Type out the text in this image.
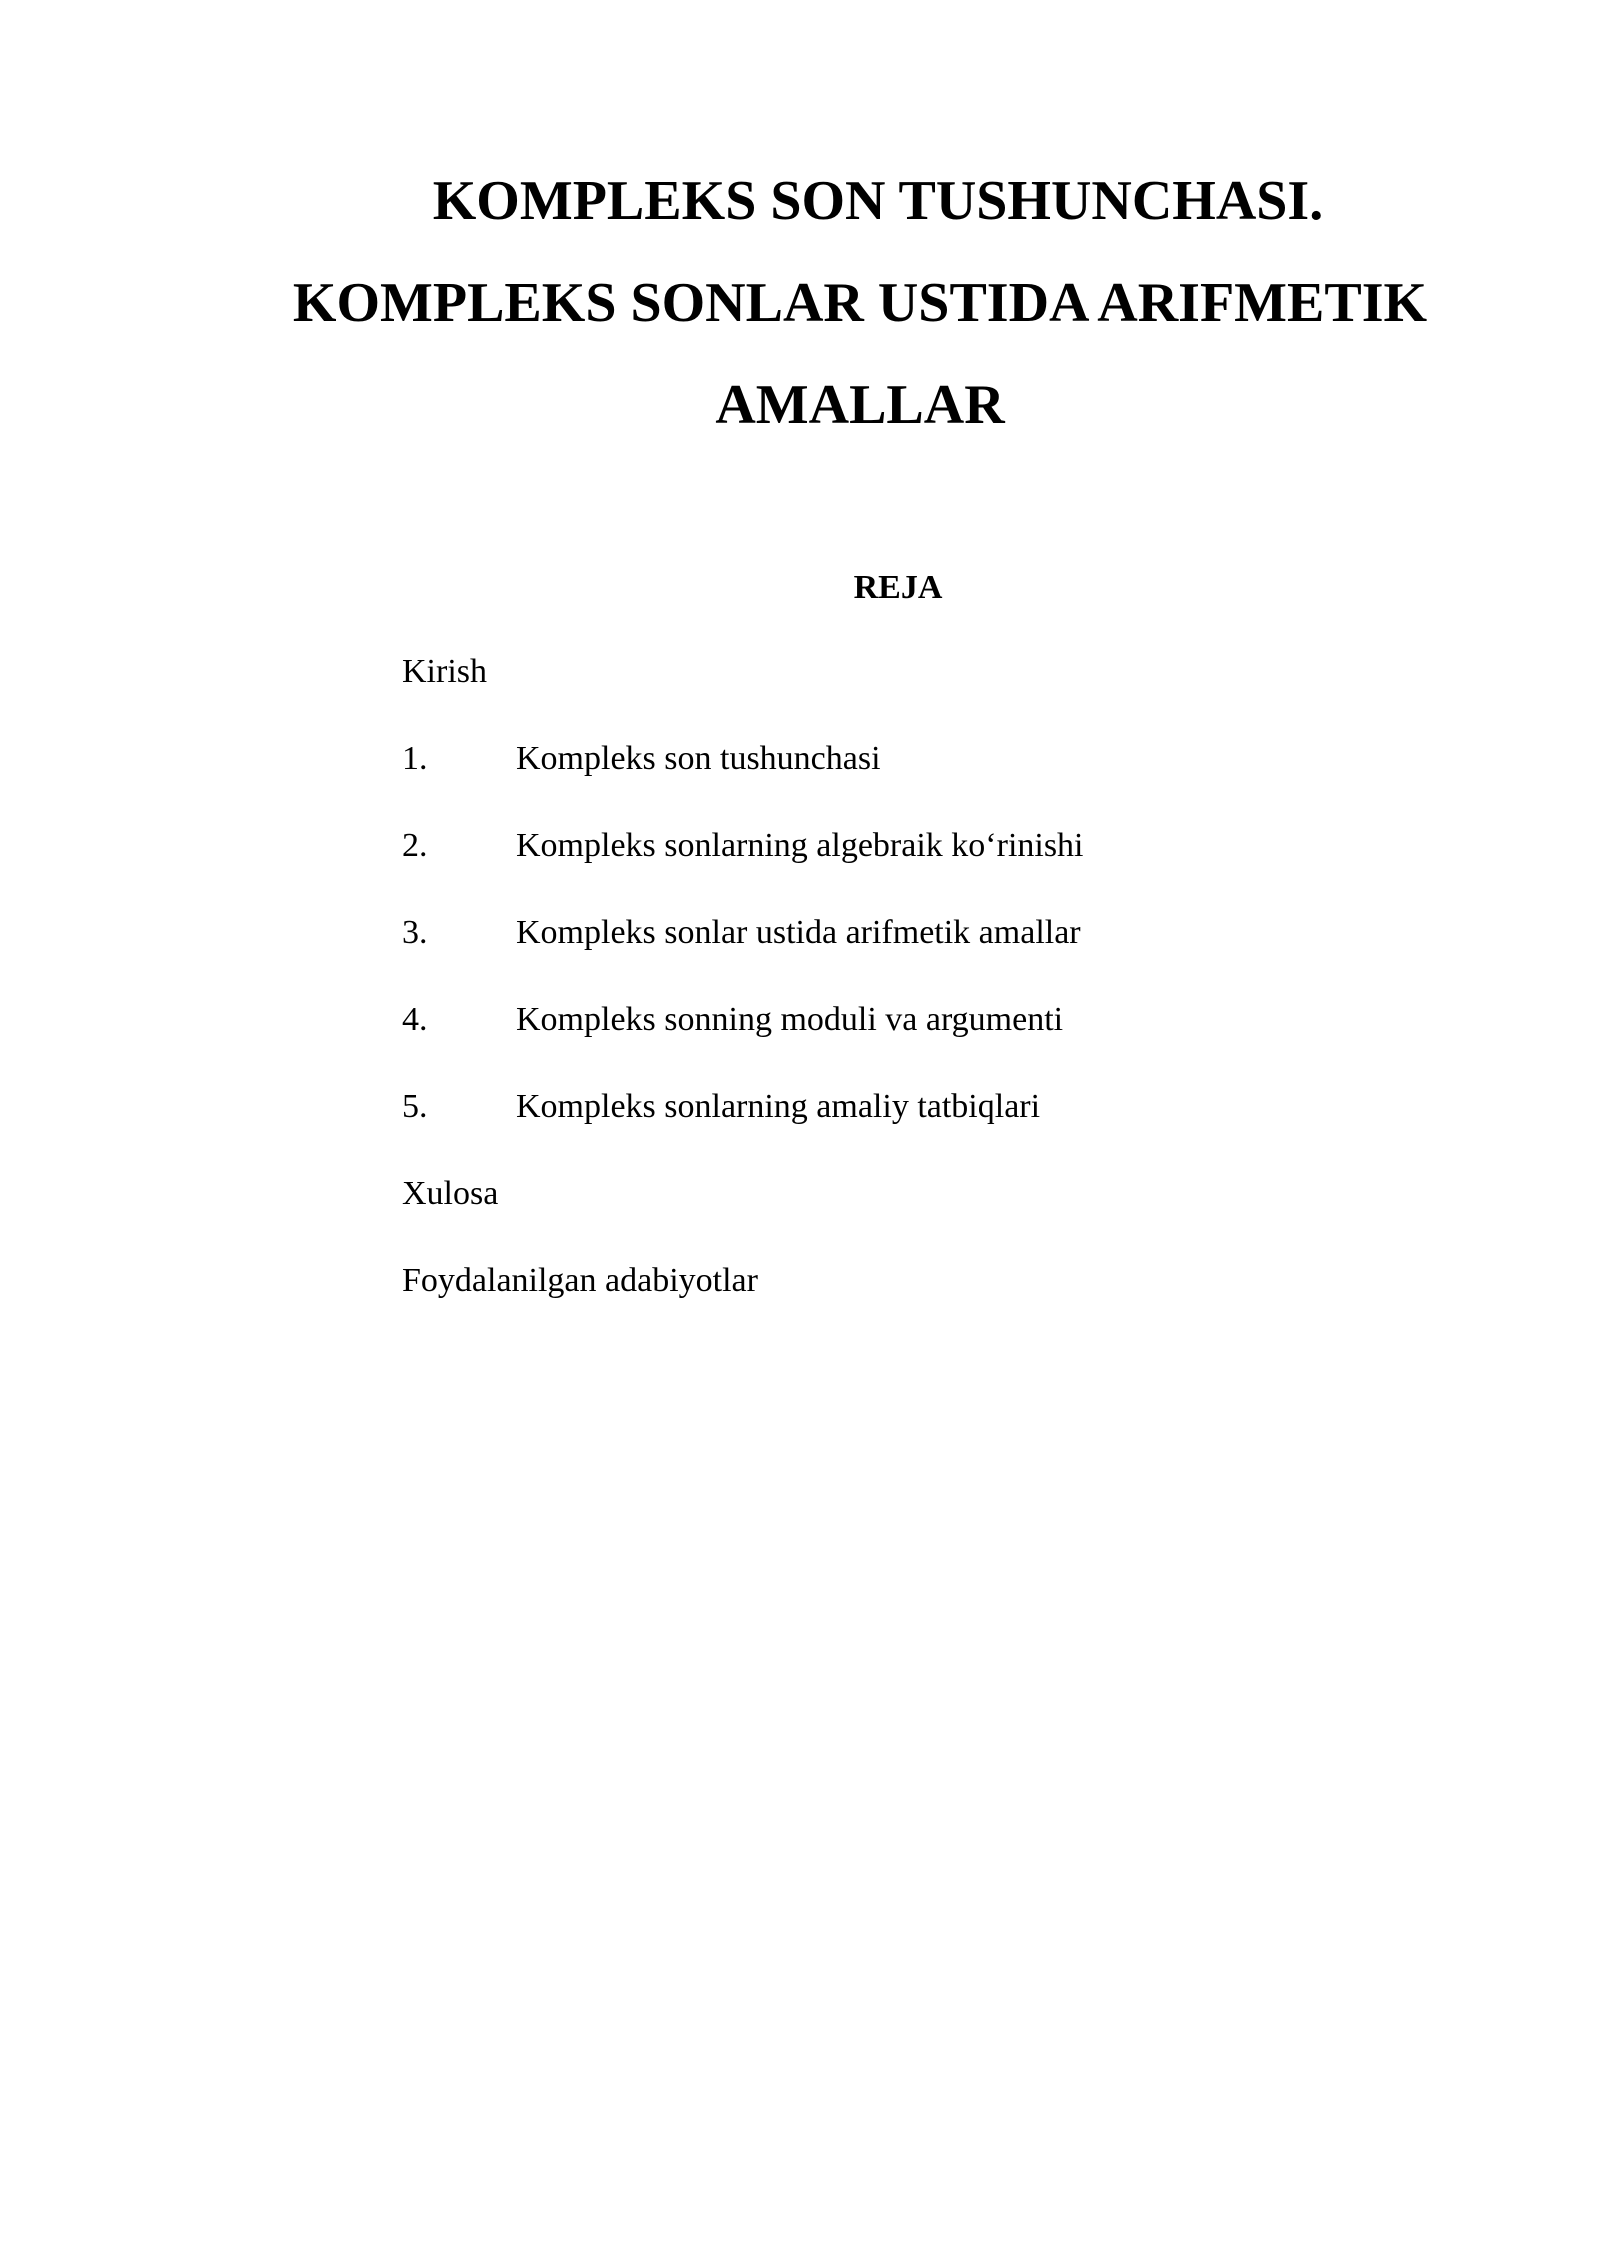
KOMPLEKS SON TUSHUNCHASI.
KOMPLEKS SONLAR USTIDA ARIFMETIK
AMALLAR
REJA
Kirish
1.	Kompleks son tushunchasi
2.	Kompleks sonlarning algebraik ko‘rinishi
3.	Kompleks sonlar ustida arifmetik amallar
4.	Kompleks sonning moduli va argumenti
5.	Kompleks sonlarning amaliy tatbiqlari
Xulosa
Foydalanilgan adabiyotlar
